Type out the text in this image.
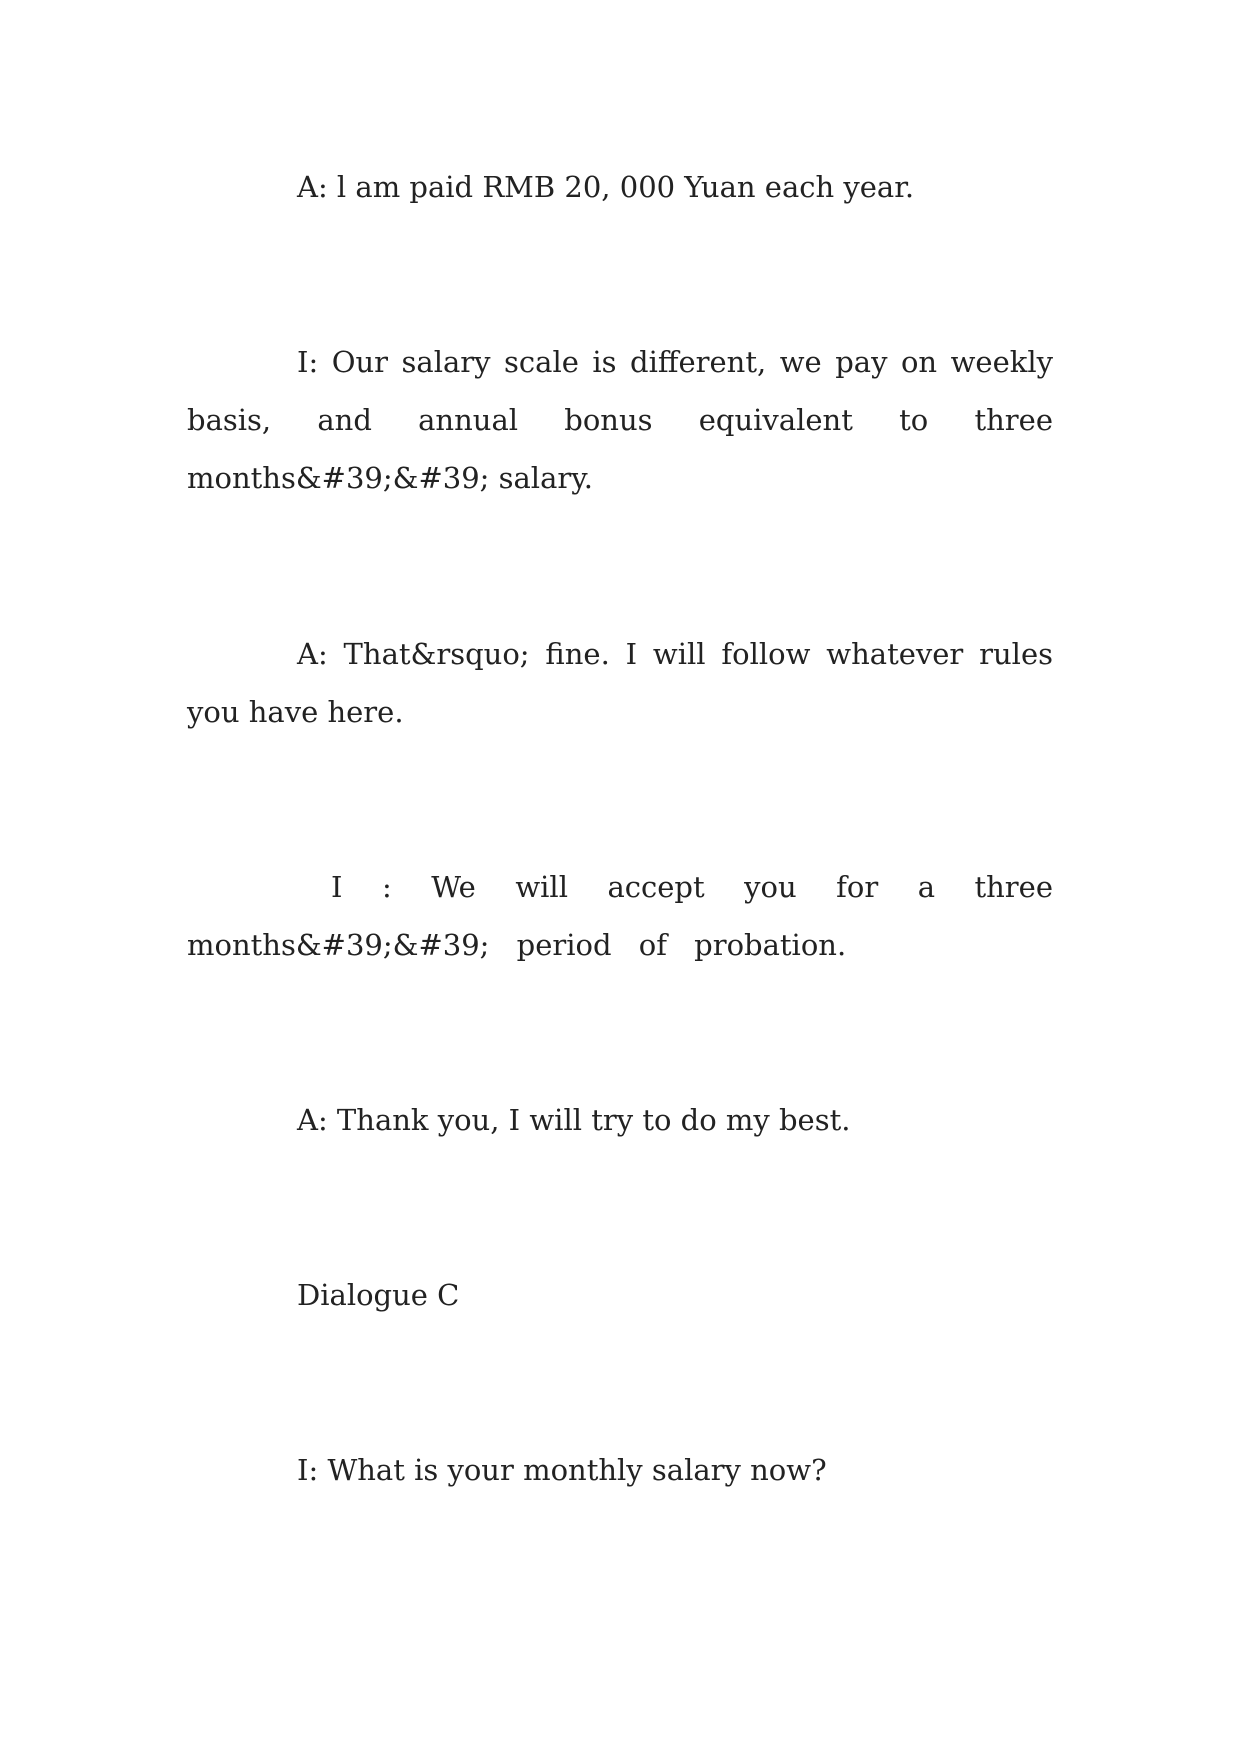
A: l am paid RMB 20, 000 Yuan each year.

I: Our salary scale is different, we pay on weekly basis, and annual bonus equivalent to three months&#39;&#39; salary.

A: That&rsquo; fine. I will follow whatever rules you have here.

I : We will accept you for a three months&#39;&#39; period of probation.

A: Thank you, I will try to do my best.

Dialogue C

I: What is your monthly salary now?
